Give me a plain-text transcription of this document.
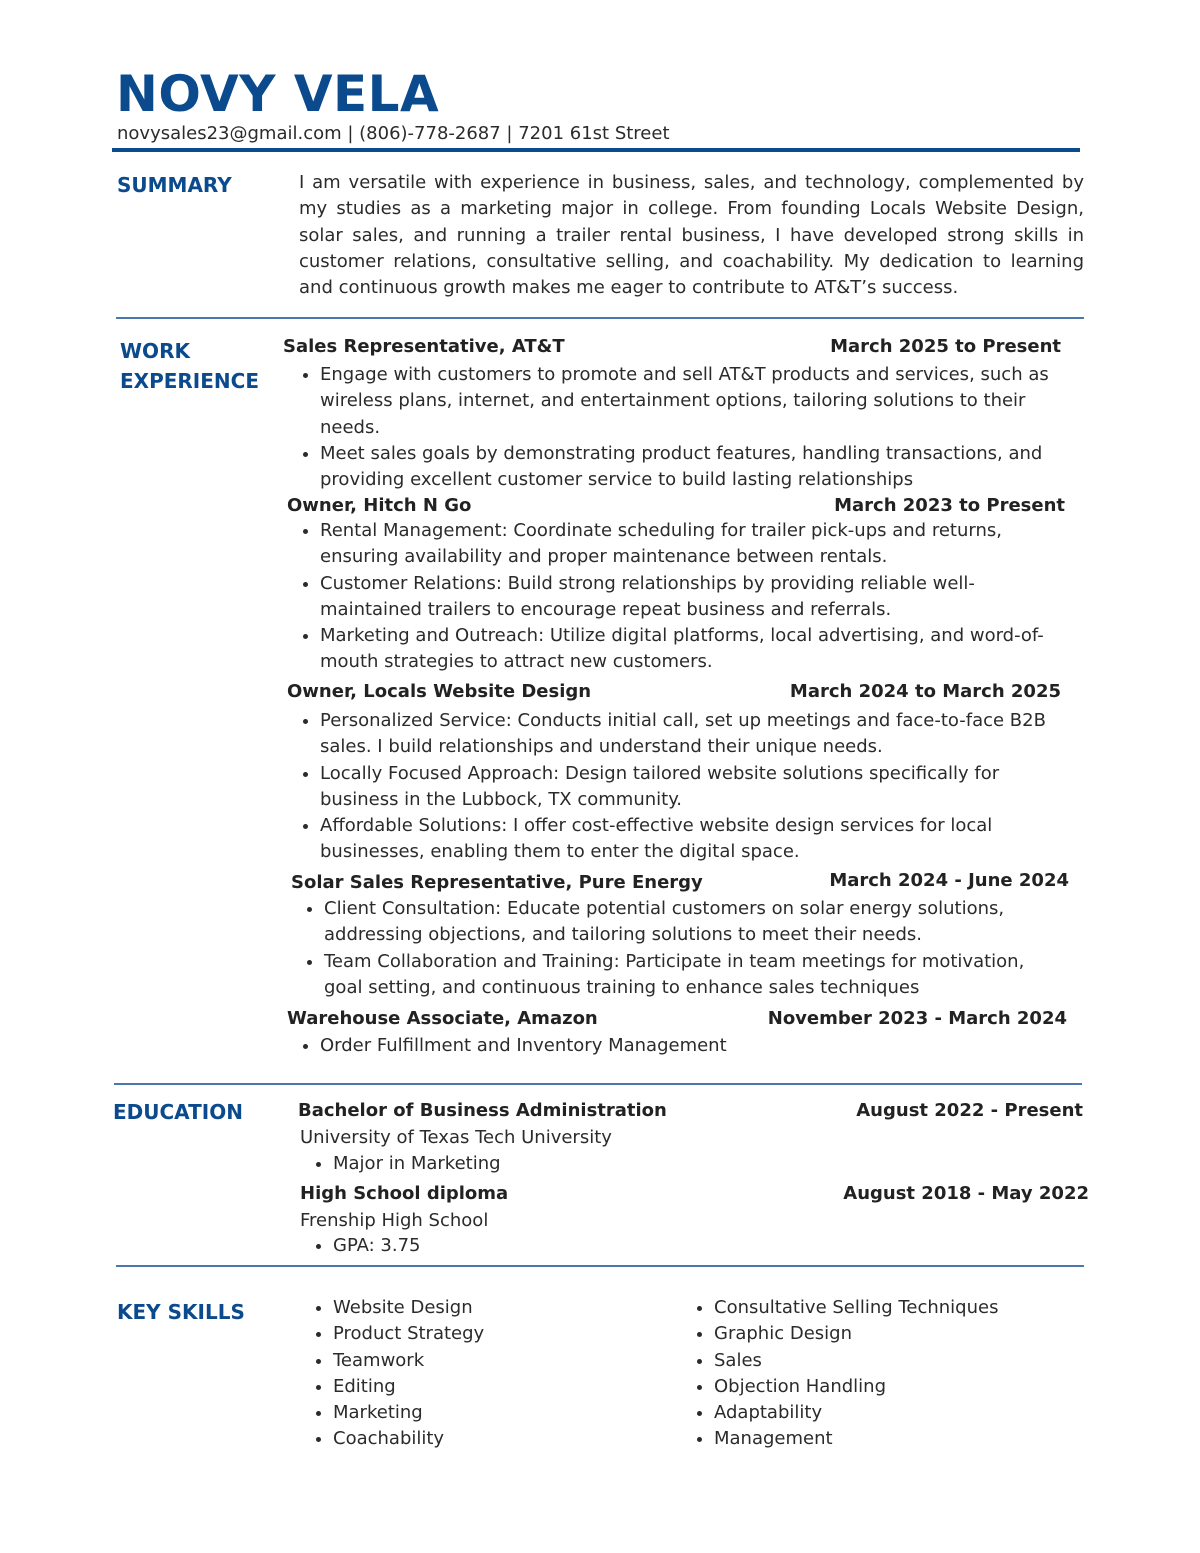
NOVY VELA
novysales23@gmail.com | (806)-778-2687 | 7201 61st Street
SUMMARY	I am versatile with experience in business, sales, and technology, complemented by my studies as a marketing major in college. From founding Locals Website Design, solar sales, and running a trailer rental business, I have developed strong skills in customer relations, consultative selling, and coachability. My dedication to learning and continuous growth makes me eager to contribute to AT&T’s success.
WORK
EXPERIENCE
Sales Representative, AT&T	March 2025 to Present
Engage with customers to promote and sell AT&T products and services, such as wireless plans, internet, and entertainment options, tailoring solutions to their needs.
Meet sales goals by demonstrating product features, handling transactions, and providing excellent customer service to build lasting relationships
Owner, Hitch N Go	March 2023 to Present
Rental Management: Coordinate scheduling for trailer pick-ups and returns, ensuring availability and proper maintenance between rentals.
Customer Relations: Build strong relationships by providing reliable well-maintained trailers to encourage repeat business and referrals.
Marketing and Outreach: Utilize digital platforms, local advertising, and word-of-mouth strategies to attract new customers.
Owner, Locals Website Design	March 2024 to March 2025
Personalized Service: Conducts initial call, set up meetings and face-to-face B2B sales. I build relationships and understand their unique needs.
Locally Focused Approach: Design tailored website solutions specifically for business in the Lubbock, TX community.
Affordable Solutions: I offer cost-effective website design services for local businesses, enabling them to enter the digital space.
Solar Sales Representative, Pure Energy	March 2024 - June 2024
Client Consultation: Educate potential customers on solar energy solutions, addressing objections, and tailoring solutions to meet their needs.
Team Collaboration and Training: Participate in team meetings for motivation, goal setting, and continuous training to enhance sales techniques
Warehouse Associate, Amazon	November 2023 - March 2024
Order Fulfillment and Inventory Management
EDUCATION	Bachelor of Business Administration	August 2022 - Present
University of Texas Tech University
Major in Marketing
High School diploma	August 2018 - May 2022
Frenship High School
GPA: 3.75
KEY SKILLS	Website Design
Product Strategy
Teamwork
Editing
Marketing
Coachability
Consultative Selling Techniques
Graphic Design
Sales
Objection Handling
Adaptability
Management
